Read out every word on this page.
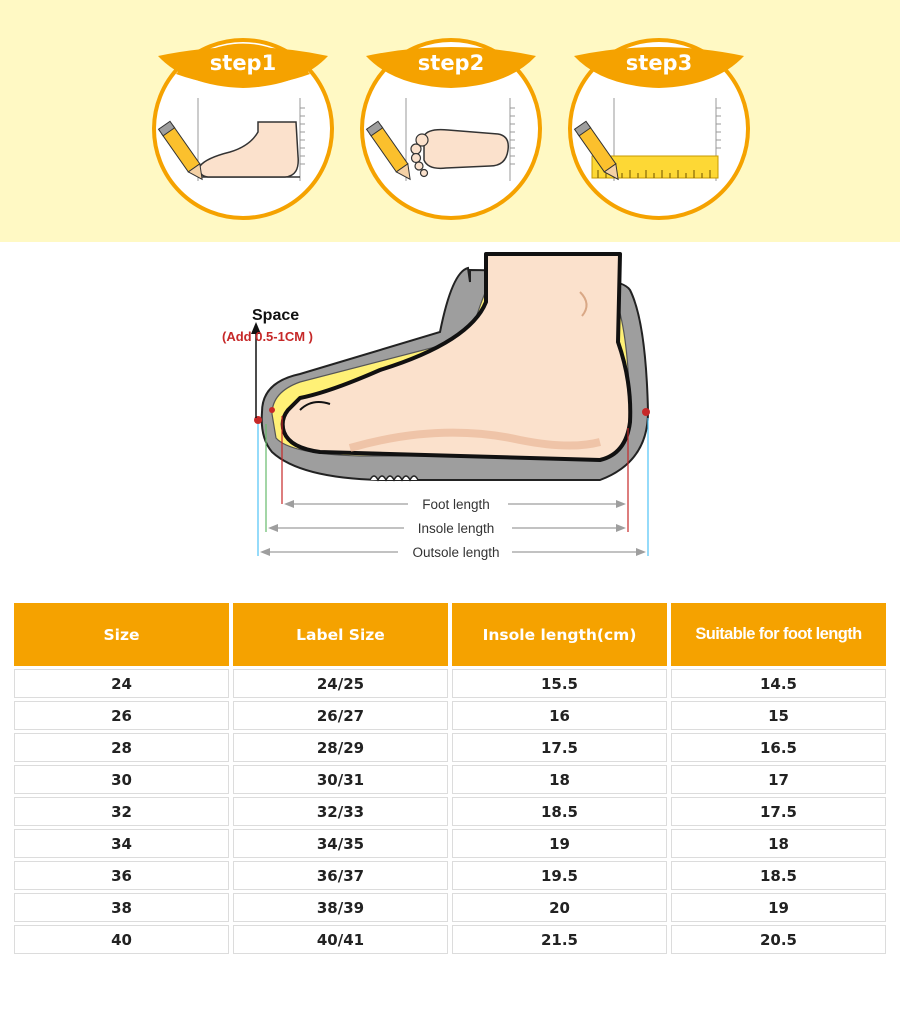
step1	step2	step3
Space
(Add 0.5-1CM )
Foot length
Insole length
Outsole length
Size	Label Size	Insole length(cm)	Suitable for foot length
24	24/25	15.5	14.5
26	26/27	16	15
28	28/29	17.5	16.5
30	30/31	18	17
32	32/33	18.5	17.5
34	34/35	19	18
36	36/37	19.5	18.5
38	38/39	20	19
40	40/41	21.5	20.5
